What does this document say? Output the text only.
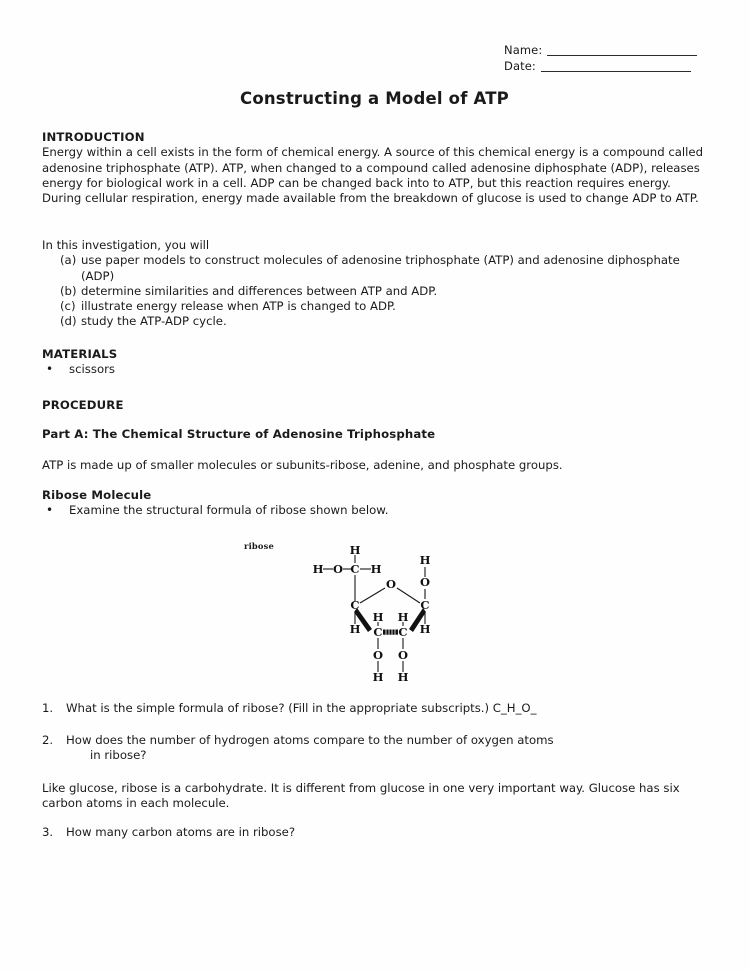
Name:
Date:
Constructing a Model of ATP
INTRODUCTION
Energy within a cell exists in the form of chemical energy. A source of this chemical energy is a compound called adenosine triphosphate (ATP). ATP, when changed to a compound called adenosine diphosphate (ADP), releases energy for biological work in a cell. ADP can be changed back into to ATP, but this reaction requires energy. During cellular respiration, energy made available from the breakdown of glucose is used to change ADP to ATP.
In this investigation, you will
(a) use paper models to construct molecules of adenosine triphosphate (ATP) and adenosine diphosphate (ADP)
(b) determine similarities and differences between ATP and ADP.
(c) illustrate energy release when ATP is changed to ADP.
(d) study the ATP-ADP cycle.
MATERIALS
• scissors
PROCEDURE
Part A: The Chemical Structure of Adenosine Triphosphate
ATP is made up of smaller molecules or subunits-ribose, adenine, and phosphate groups.
Ribose Molecule
• Examine the structural formula of ribose shown below.
ribose	H
H O C H
O
C
H
C
H
O
H
H H
C C
O O
H H
1. What is the simple formula of ribose? (Fill in the appropriate subscripts.) C_H_O_
2. How does the number of hydrogen atoms compare to the number of oxygen atoms
in ribose?
Like glucose, ribose is a carbohydrate. It is different from glucose in one very important way. Glucose has six carbon atoms in each molecule.
3. How many carbon atoms are in ribose?
